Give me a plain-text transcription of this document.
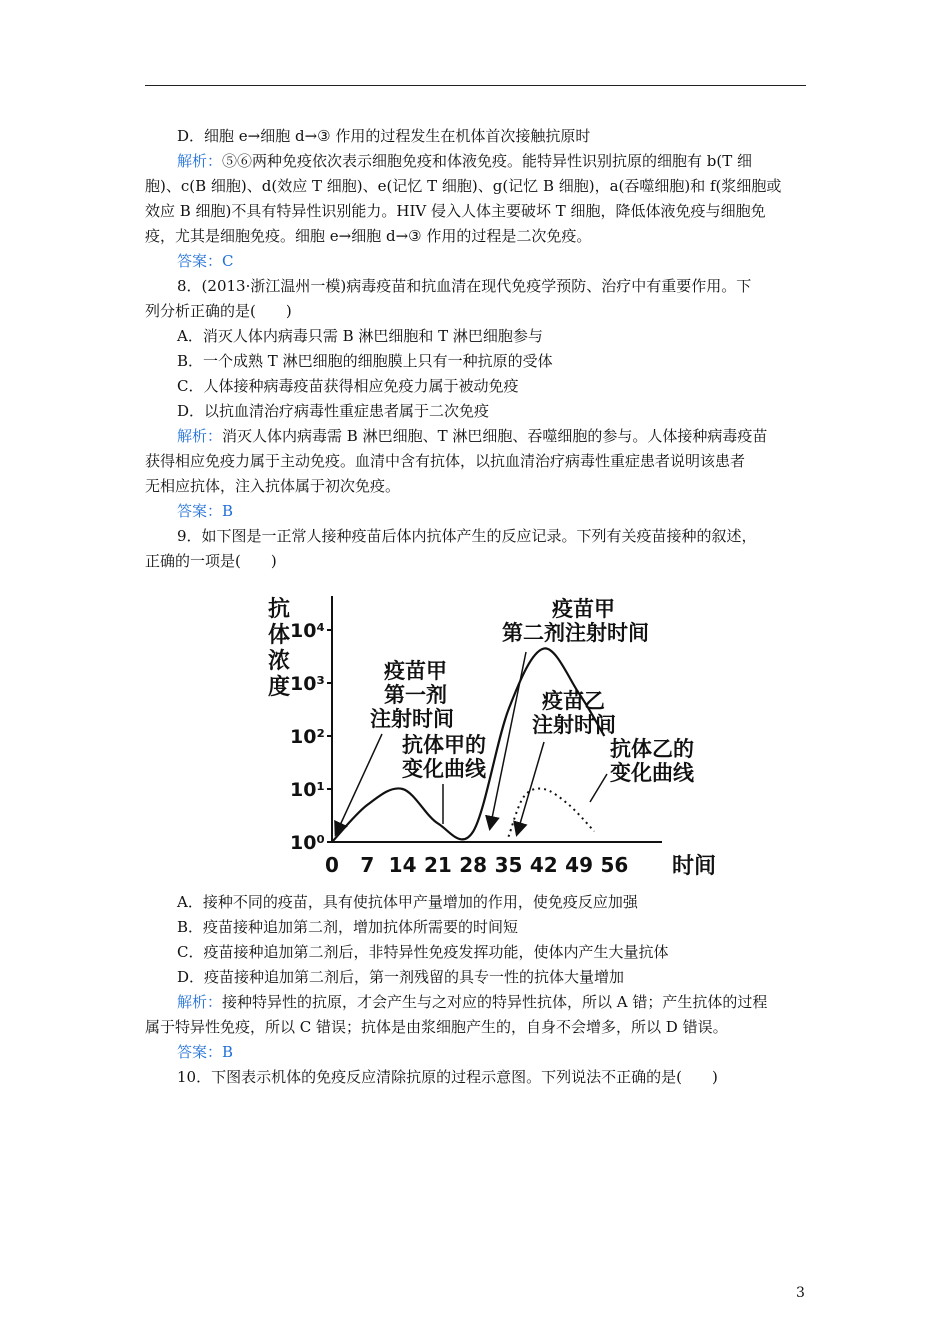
D．细胞 e→细胞 d→③ 作用的过程发生在机体首次接触抗原时
解析：⑤⑥两种免疫依次表示细胞免疫和体液免疫。能特异性识别抗原的细胞有 b(T 细
胞)、c(B 细胞)、d(效应 T 细胞)、e(记忆 T 细胞)、g(记忆 B 细胞)，a(吞噬细胞)和 f(浆细胞或
效应 B 细胞)不具有特异性识别能力。HIV 侵入人体主要破坏 T 细胞，降低体液免疫与细胞免
疫，尤其是细胞免疫。细胞 e→细胞 d→③ 作用的过程是二次免疫。
答案：C
8．(2013·浙江温州一模)病毒疫苗和抗血清在现代免疫学预防、治疗中有重要作用。下
列分析正确的是(　　)
A．消灭人体内病毒只需 B 淋巴细胞和 T 淋巴细胞参与
B．一个成熟 T 淋巴细胞的细胞膜上只有一种抗原的受体
C．人体接种病毒疫苗获得相应免疫力属于被动免疫
D．以抗血清治疗病毒性重症患者属于二次免疫
解析：消灭人体内病毒需 B 淋巴细胞、T 淋巴细胞、吞噬细胞的参与。人体接种病毒疫苗
获得相应免疫力属于主动免疫。血清中含有抗体，以抗血清治疗病毒性重症患者说明该患者
无相应抗体，注入抗体属于初次免疫。
答案：B
9．如下图是一正常人接种疫苗后体内抗体产生的反应记录。下列有关疫苗接种的叙述，
正确的一项是(　　)
抗
体
浓
度
10⁰
10¹
10²
10³
10⁴
0 7 14 21 28 35 42 49 56 时间
疫苗甲
第一剂
注射时间
疫苗甲
第二剂注射时间
疫苗乙
注射时间
抗体甲的
变化曲线
抗体乙的
变化曲线
A．接种不同的疫苗，具有使抗体甲产量增加的作用，使免疫反应加强
B．疫苗接种追加第二剂，增加抗体所需要的时间短
C．疫苗接种追加第二剂后，非特异性免疫发挥功能，使体内产生大量抗体
D．疫苗接种追加第二剂后，第一剂残留的具专一性的抗体大量增加
解析：接种特异性的抗原，才会产生与之对应的特异性抗体，所以 A 错；产生抗体的过程
属于特异性免疫，所以 C 错误；抗体是由浆细胞产生的，自身不会增多，所以 D 错误。
答案：B
10．下图表示机体的免疫反应清除抗原的过程示意图。下列说法不正确的是(　　)
3
